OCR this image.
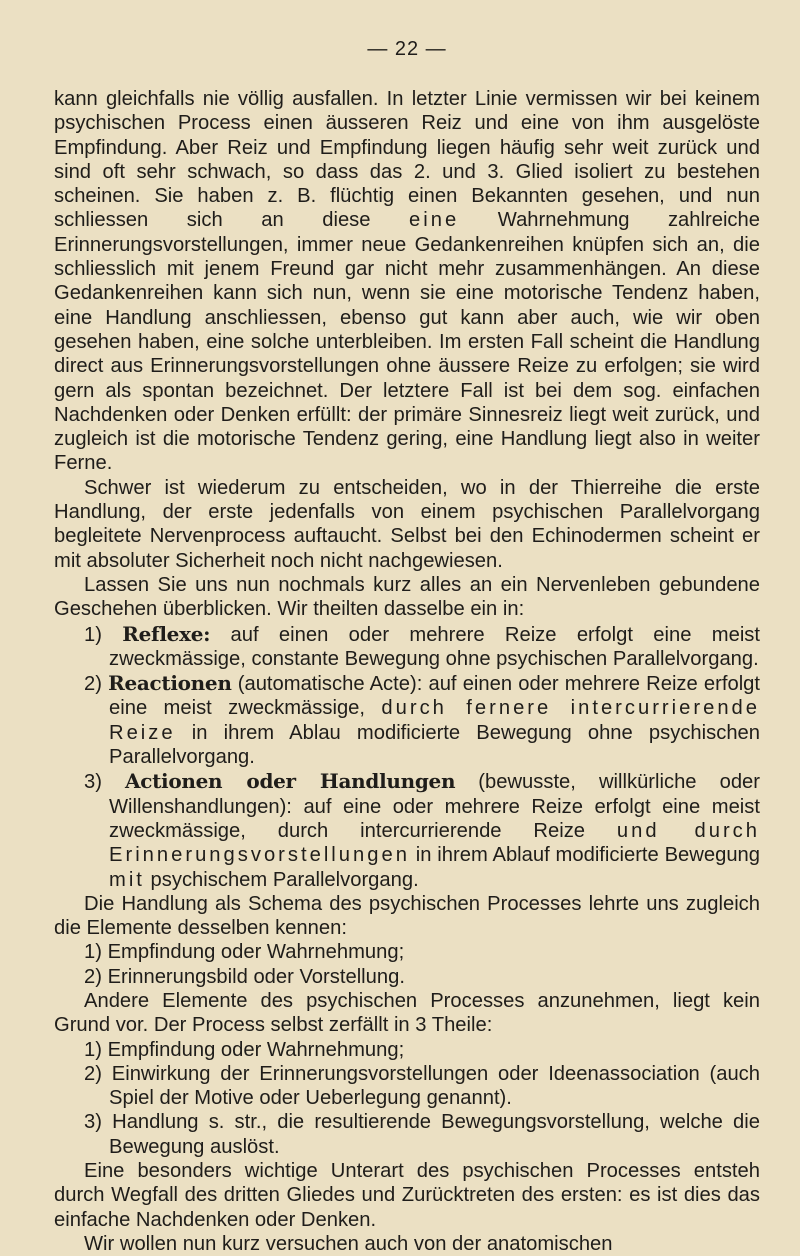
— 22 —

kann gleichfalls nie völlig ausfallen. In letzter Linie vermissen wir bei keinem psychischen Process einen äusseren Reiz und eine von ihm ausgelöste Empfindung. Aber Reiz und Empfindung liegen häufig sehr weit zurück und sind oft sehr schwach, so dass das 2. und 3. Glied isoliert zu bestehen scheinen. Sie haben z. B. flüchtig einen Bekannten gesehen, und nun schliessen sich an diese eine Wahrnehmung zahlreiche Erinnerungsvorstellungen, immer neue Gedankenreihen knüpfen sich an, die schliesslich mit jenem Freund gar nicht mehr zusammenhängen. An diese Gedankenreihen kann sich nun, wenn sie eine motorische Tendenz haben, eine Handlung anschliessen, ebenso gut kann aber auch, wie wir oben gesehen haben, eine solche unterbleiben. Im ersten Fall scheint die Handlung direct aus Erinnerungsvorstellungen ohne äussere Reize zu erfolgen; sie wird gern als spontan bezeichnet. Der letztere Fall ist bei dem sog. einfachen Nachdenken oder Denken erfüllt: der primäre Sinnesreiz liegt weit zurück, und zugleich ist die motorische Tendenz gering, eine Handlung liegt also in weiter Ferne.

Schwer ist wiederum zu entscheiden, wo in der Thierreihe die erste Handlung, der erste jedenfalls von einem psychischen Parallelvorgang begleitete Nervenprocess auftaucht. Selbst bei den Echinodermen scheint er mit absoluter Sicherheit noch nicht nachgewiesen.

Lassen Sie uns nun nochmals kurz alles an ein Nervenleben gebundene Geschehen überblicken. Wir theilten dasselbe ein in:

1) Reflexe: auf einen oder mehrere Reize erfolgt eine meist zweckmässige, constante Bewegung ohne psychischen Parallelvorgang.

2) Reactionen (automatische Acte): auf einen oder mehrere Reize erfolgt eine meist zweckmässige, durch fernere intercurrierende Reize in ihrem Ablau modificierte Bewegung ohne psychischen Parallelvorgang.

3) Actionen oder Handlungen (bewusste, willkürliche oder Willenshandlungen): auf eine oder mehrere Reize erfolgt eine meist zweckmässige, durch intercurrierende Reize und durch Erinnerungsvorstellungen in ihrem Ablauf modificierte Bewegung mit psychischem Parallelvorgang.

Die Handlung als Schema des psychischen Processes lehrte uns zugleich die Elemente desselben kennen:

1) Empfindung oder Wahrnehmung;

2) Erinnerungsbild oder Vorstellung.

Andere Elemente des psychischen Processes anzunehmen, liegt kein Grund vor. Der Process selbst zerfällt in 3 Theile:

1) Empfindung oder Wahrnehmung;

2) Einwirkung der Erinnerungsvorstellungen oder Ideenassociation (auch Spiel der Motive oder Ueberlegung genannt).

3) Handlung s. str., die resultierende Bewegungsvorstellung, welche die Bewegung auslöst.

Eine besonders wichtige Unterart des psychischen Processes entsteh durch Wegfall des dritten Gliedes und Zurücktreten des ersten: es ist dies das einfache Nachdenken oder Denken.

Wir wollen nun kurz versuchen auch von der anatomischen
